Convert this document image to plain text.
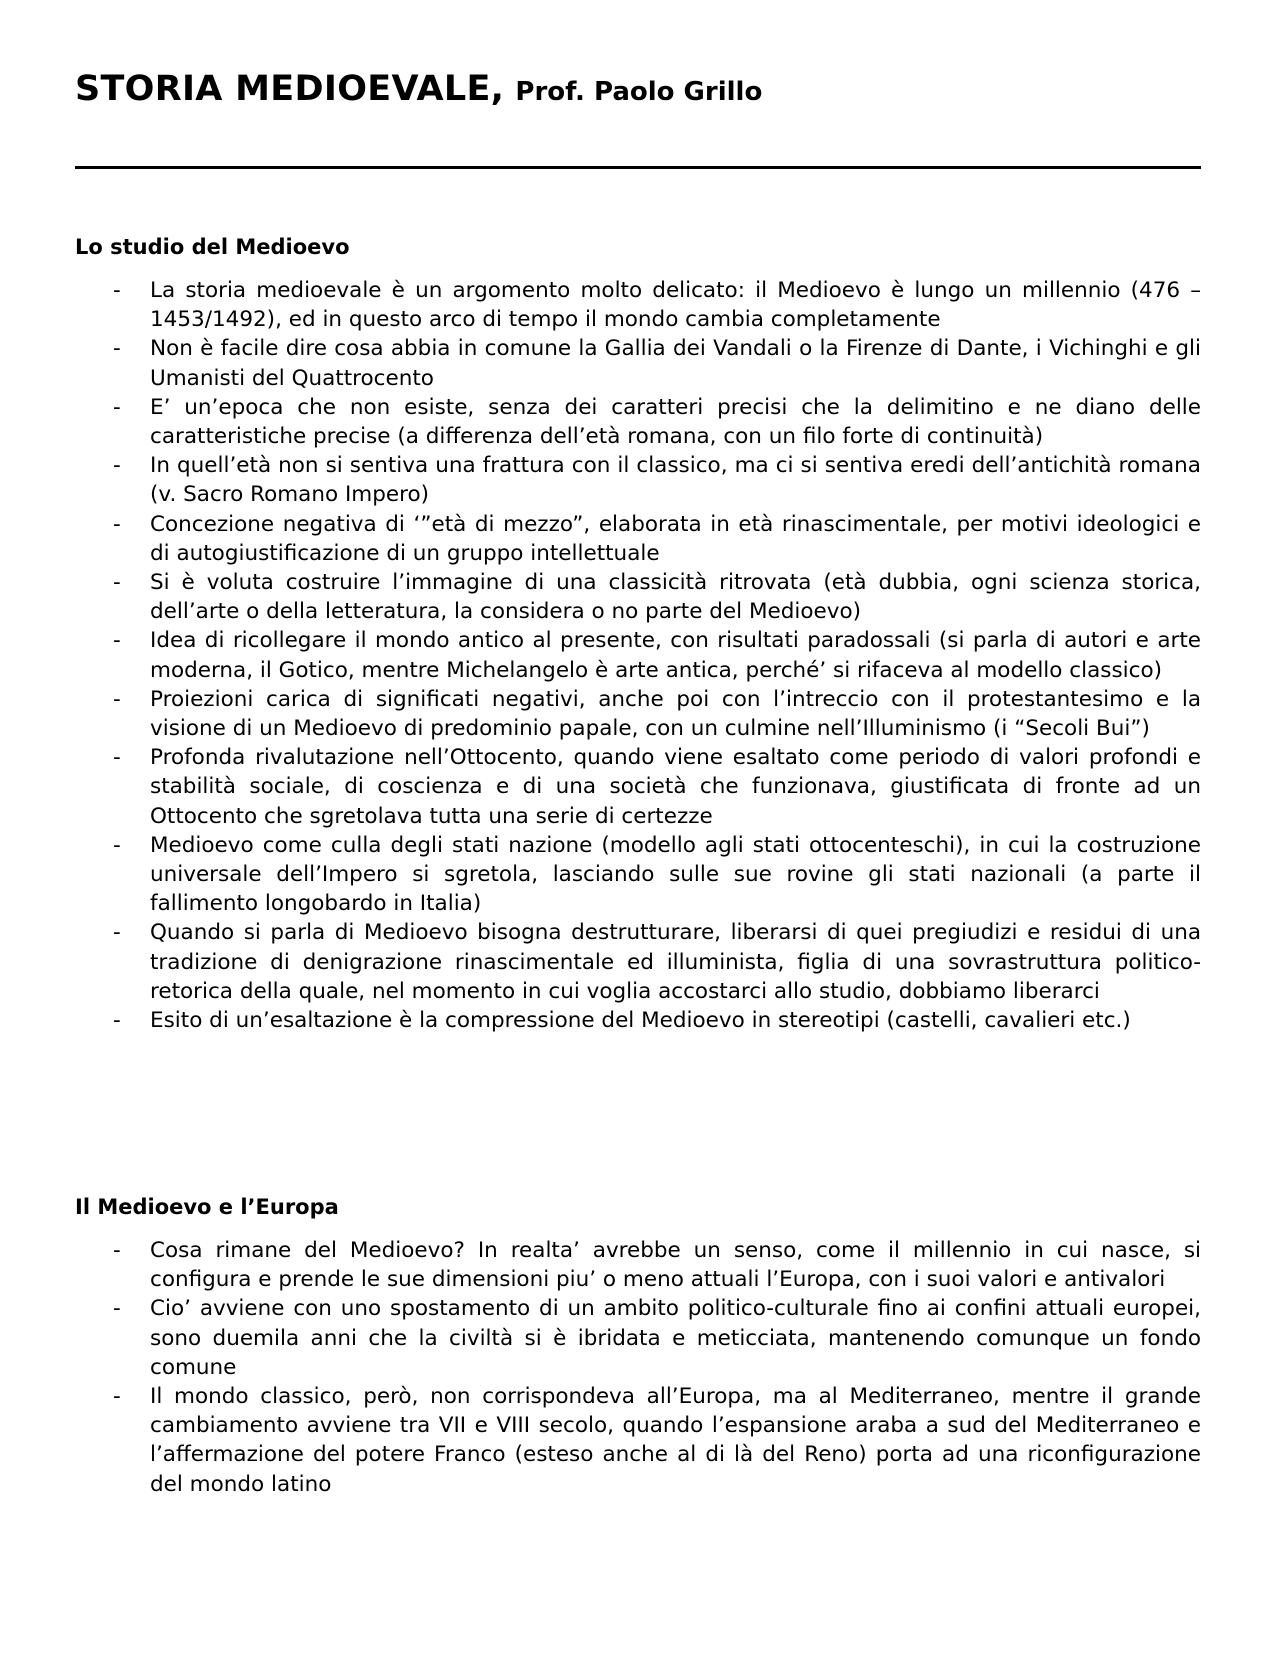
STORIA MEDIOEVALE, Prof. Paolo Grillo
Lo studio del Medioevo
- La storia medioevale è un argomento molto delicato: il Medioevo è lungo un millennio (476 – 1453/1492), ed in questo arco di tempo il mondo cambia completamente
- Non è facile dire cosa abbia in comune la Gallia dei Vandali o la Firenze di Dante, i Vichinghi e gli Umanisti del Quattrocento
- E’ un’epoca che non esiste, senza dei caratteri precisi che la delimitino e ne diano delle caratteristiche precise (a differenza dell’età romana, con un filo forte di continuità)
- In quell’età non si sentiva una frattura con il classico, ma ci si sentiva eredi dell’antichità romana (v. Sacro Romano Impero)
- Concezione negativa di ‘”età di mezzo”, elaborata in età rinascimentale, per motivi ideologici e di autogiustificazione di un gruppo intellettuale
- Si è voluta costruire l’immagine di una classicità ritrovata (età dubbia, ogni scienza storica, dell’arte o della letteratura, la considera o no parte del Medioevo)
- Idea di ricollegare il mondo antico al presente, con risultati paradossali (si parla di autori e arte moderna, il Gotico, mentre Michelangelo è arte antica, perché’ si rifaceva al modello classico)
- Proiezioni carica di significati negativi, anche poi con l’intreccio con il protestantesimo e la visione di un Medioevo di predominio papale, con un culmine nell’Illuminismo (i “Secoli Bui”)
- Profonda rivalutazione nell’Ottocento, quando viene esaltato come periodo di valori profondi e stabilità sociale, di coscienza e di una società che funzionava, giustificata di fronte ad un Ottocento che sgretolava tutta una serie di certezze
- Medioevo come culla degli stati nazione (modello agli stati ottocenteschi), in cui la costruzione universale dell’Impero si sgretola, lasciando sulle sue rovine gli stati nazionali (a parte il fallimento longobardo in Italia)
- Quando si parla di Medioevo bisogna destrutturare, liberarsi di quei pregiudizi e residui di una tradizione di denigrazione rinascimentale ed illuminista, figlia di una sovrastruttura politico-retorica della quale, nel momento in cui voglia accostarci allo studio, dobbiamo liberarci
- Esito di un’esaltazione è la compressione del Medioevo in stereotipi (castelli, cavalieri etc.)
Il Medioevo e l’Europa
- Cosa rimane del Medioevo? In realta’ avrebbe un senso, come il millennio in cui nasce, si configura e prende le sue dimensioni piu’ o meno attuali l’Europa, con i suoi valori e antivalori
- Cio’ avviene con uno spostamento di un ambito politico-culturale fino ai confini attuali europei, sono duemila anni che la civiltà si è ibridata e meticciata, mantenendo comunque un fondo comune
- Il mondo classico, però, non corrispondeva all’Europa, ma al Mediterraneo, mentre il grande cambiamento avviene tra VII e VIII secolo, quando l’espansione araba a sud del Mediterraneo e l’affermazione del potere Franco (esteso anche al di là del Reno) porta ad una riconfigurazione del mondo latino
